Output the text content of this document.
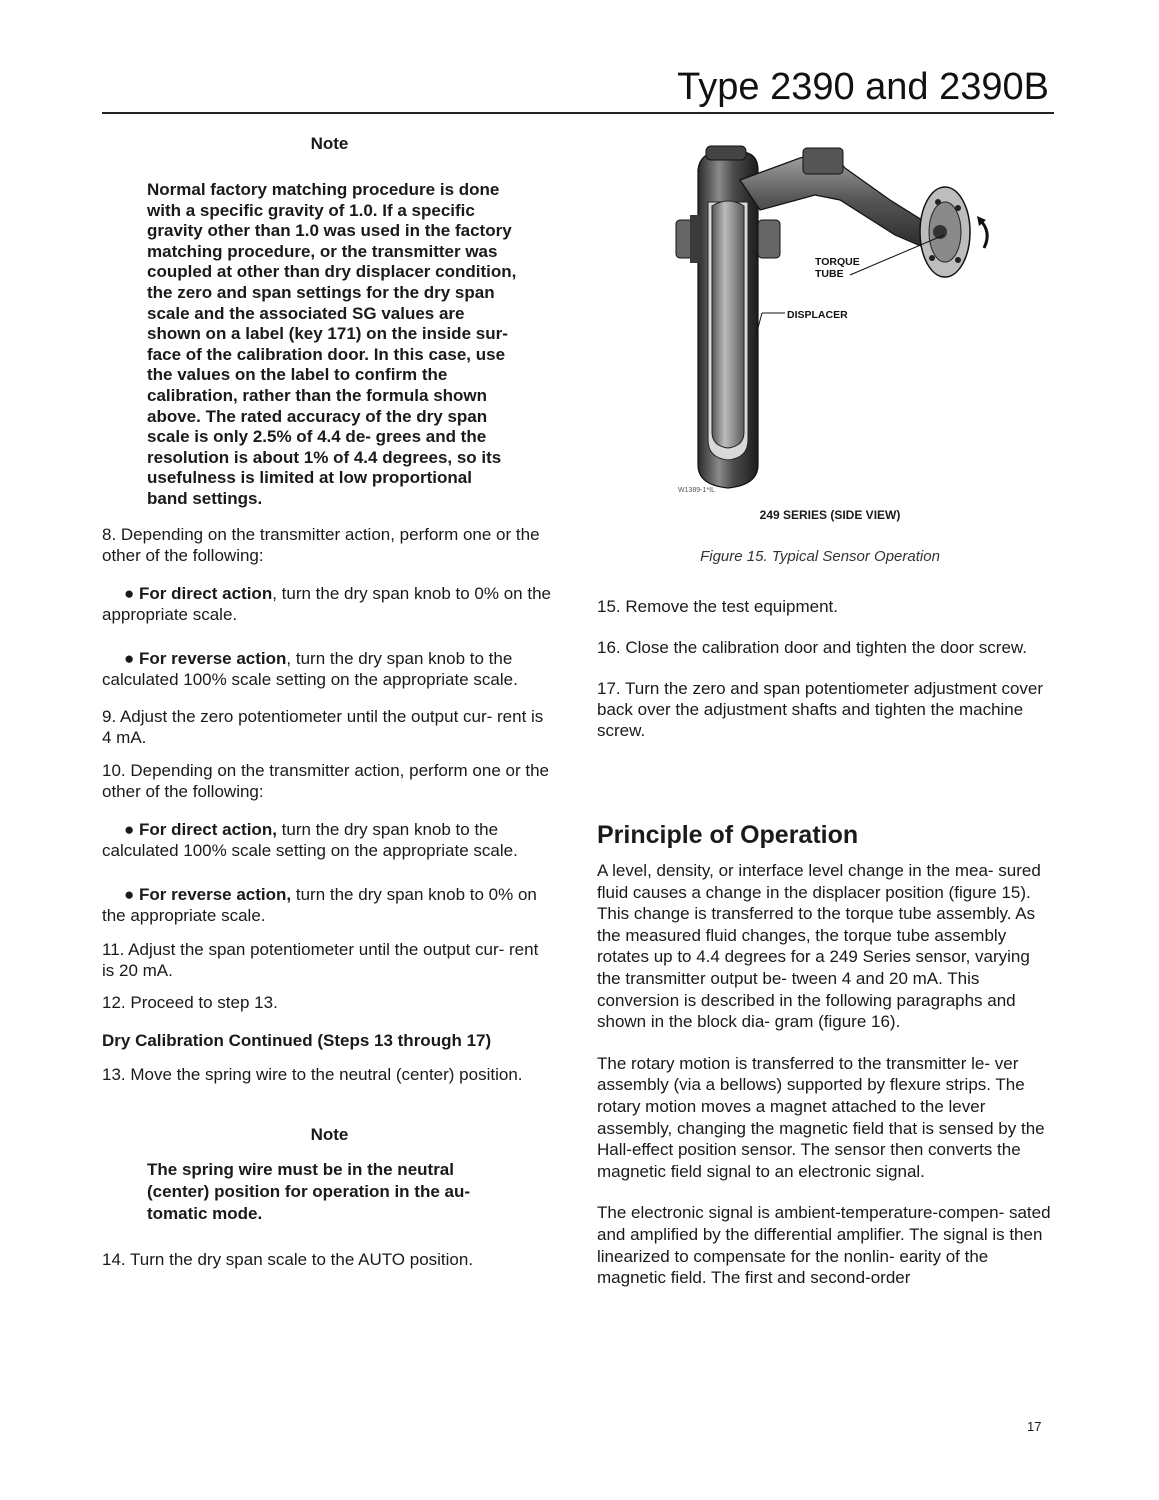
Type 2390 and 2390B

Note

Normal factory matching procedure is done with a specific gravity of 1.0. If a specific gravity other than 1.0 was used in the factory matching procedure, or the transmitter was coupled at other than dry displacer condition, the zero and span settings for the dry span scale and the associated SG values are shown on a label (key 171) on the inside sur- face of the calibration door. In this case, use the values on the label to confirm the calibration, rather than the formula shown above. The rated accuracy of the dry span scale is only 2.5% of 4.4 de- grees and the resolution is about 1% of 4.4 degrees, so its usefulness is limited at low proportional band settings.

8. Depending on the transmitter action, perform one or the other of the following:

● For direct action, turn the dry span knob to 0% on the appropriate scale.

● For reverse action, turn the dry span knob to the calculated 100% scale setting on the appropriate scale.

9. Adjust the zero potentiometer until the output cur- rent is 4 mA.

10. Depending on the transmitter action, perform one or the other of the following:

● For direct action, turn the dry span knob to the calculated 100% scale setting on the appropriate scale.

● For reverse action, turn the dry span knob to 0% on the appropriate scale.

11. Adjust the span potentiometer until the output cur- rent is 20 mA.

12. Proceed to step 13.

Dry Calibration Continued (Steps 13 through 17)

13. Move the spring wire to the neutral (center) position.

Note

The spring wire must be in the neutral (center) position for operation in the au- tomatic mode.

14. Turn the dry span scale to the AUTO position.

TORQUE
TUBE
DISPLACER
W1389-1*IL
249 SERIES (SIDE VIEW)
Figure 15. Typical Sensor Operation

15. Remove the test equipment.

16. Close the calibration door and tighten the door screw.

17. Turn the zero and span potentiometer adjustment cover back over the adjustment shafts and tighten the machine screw.

Principle of Operation

A level, density, or interface level change in the mea- sured fluid causes a change in the displacer position (figure 15). This change is transferred to the torque tube assembly. As the measured fluid changes, the torque tube assembly rotates up to 4.4 degrees for a 249 Series sensor, varying the transmitter output be- tween 4 and 20 mA. This conversion is described in the following paragraphs and shown in the block dia- gram (figure 16).

The rotary motion is transferred to the transmitter le- ver assembly (via a bellows) supported by flexure strips. The rotary motion moves a magnet attached to the lever assembly, changing the magnetic field that is sensed by the Hall-effect position sensor. The sensor then converts the magnetic field signal to an electronic signal.

The electronic signal is ambient-temperature-compen- sated and amplified by the differential amplifier. The signal is then linearized to compensate for the nonlin- earity of the magnetic field. The first and second-order

17
